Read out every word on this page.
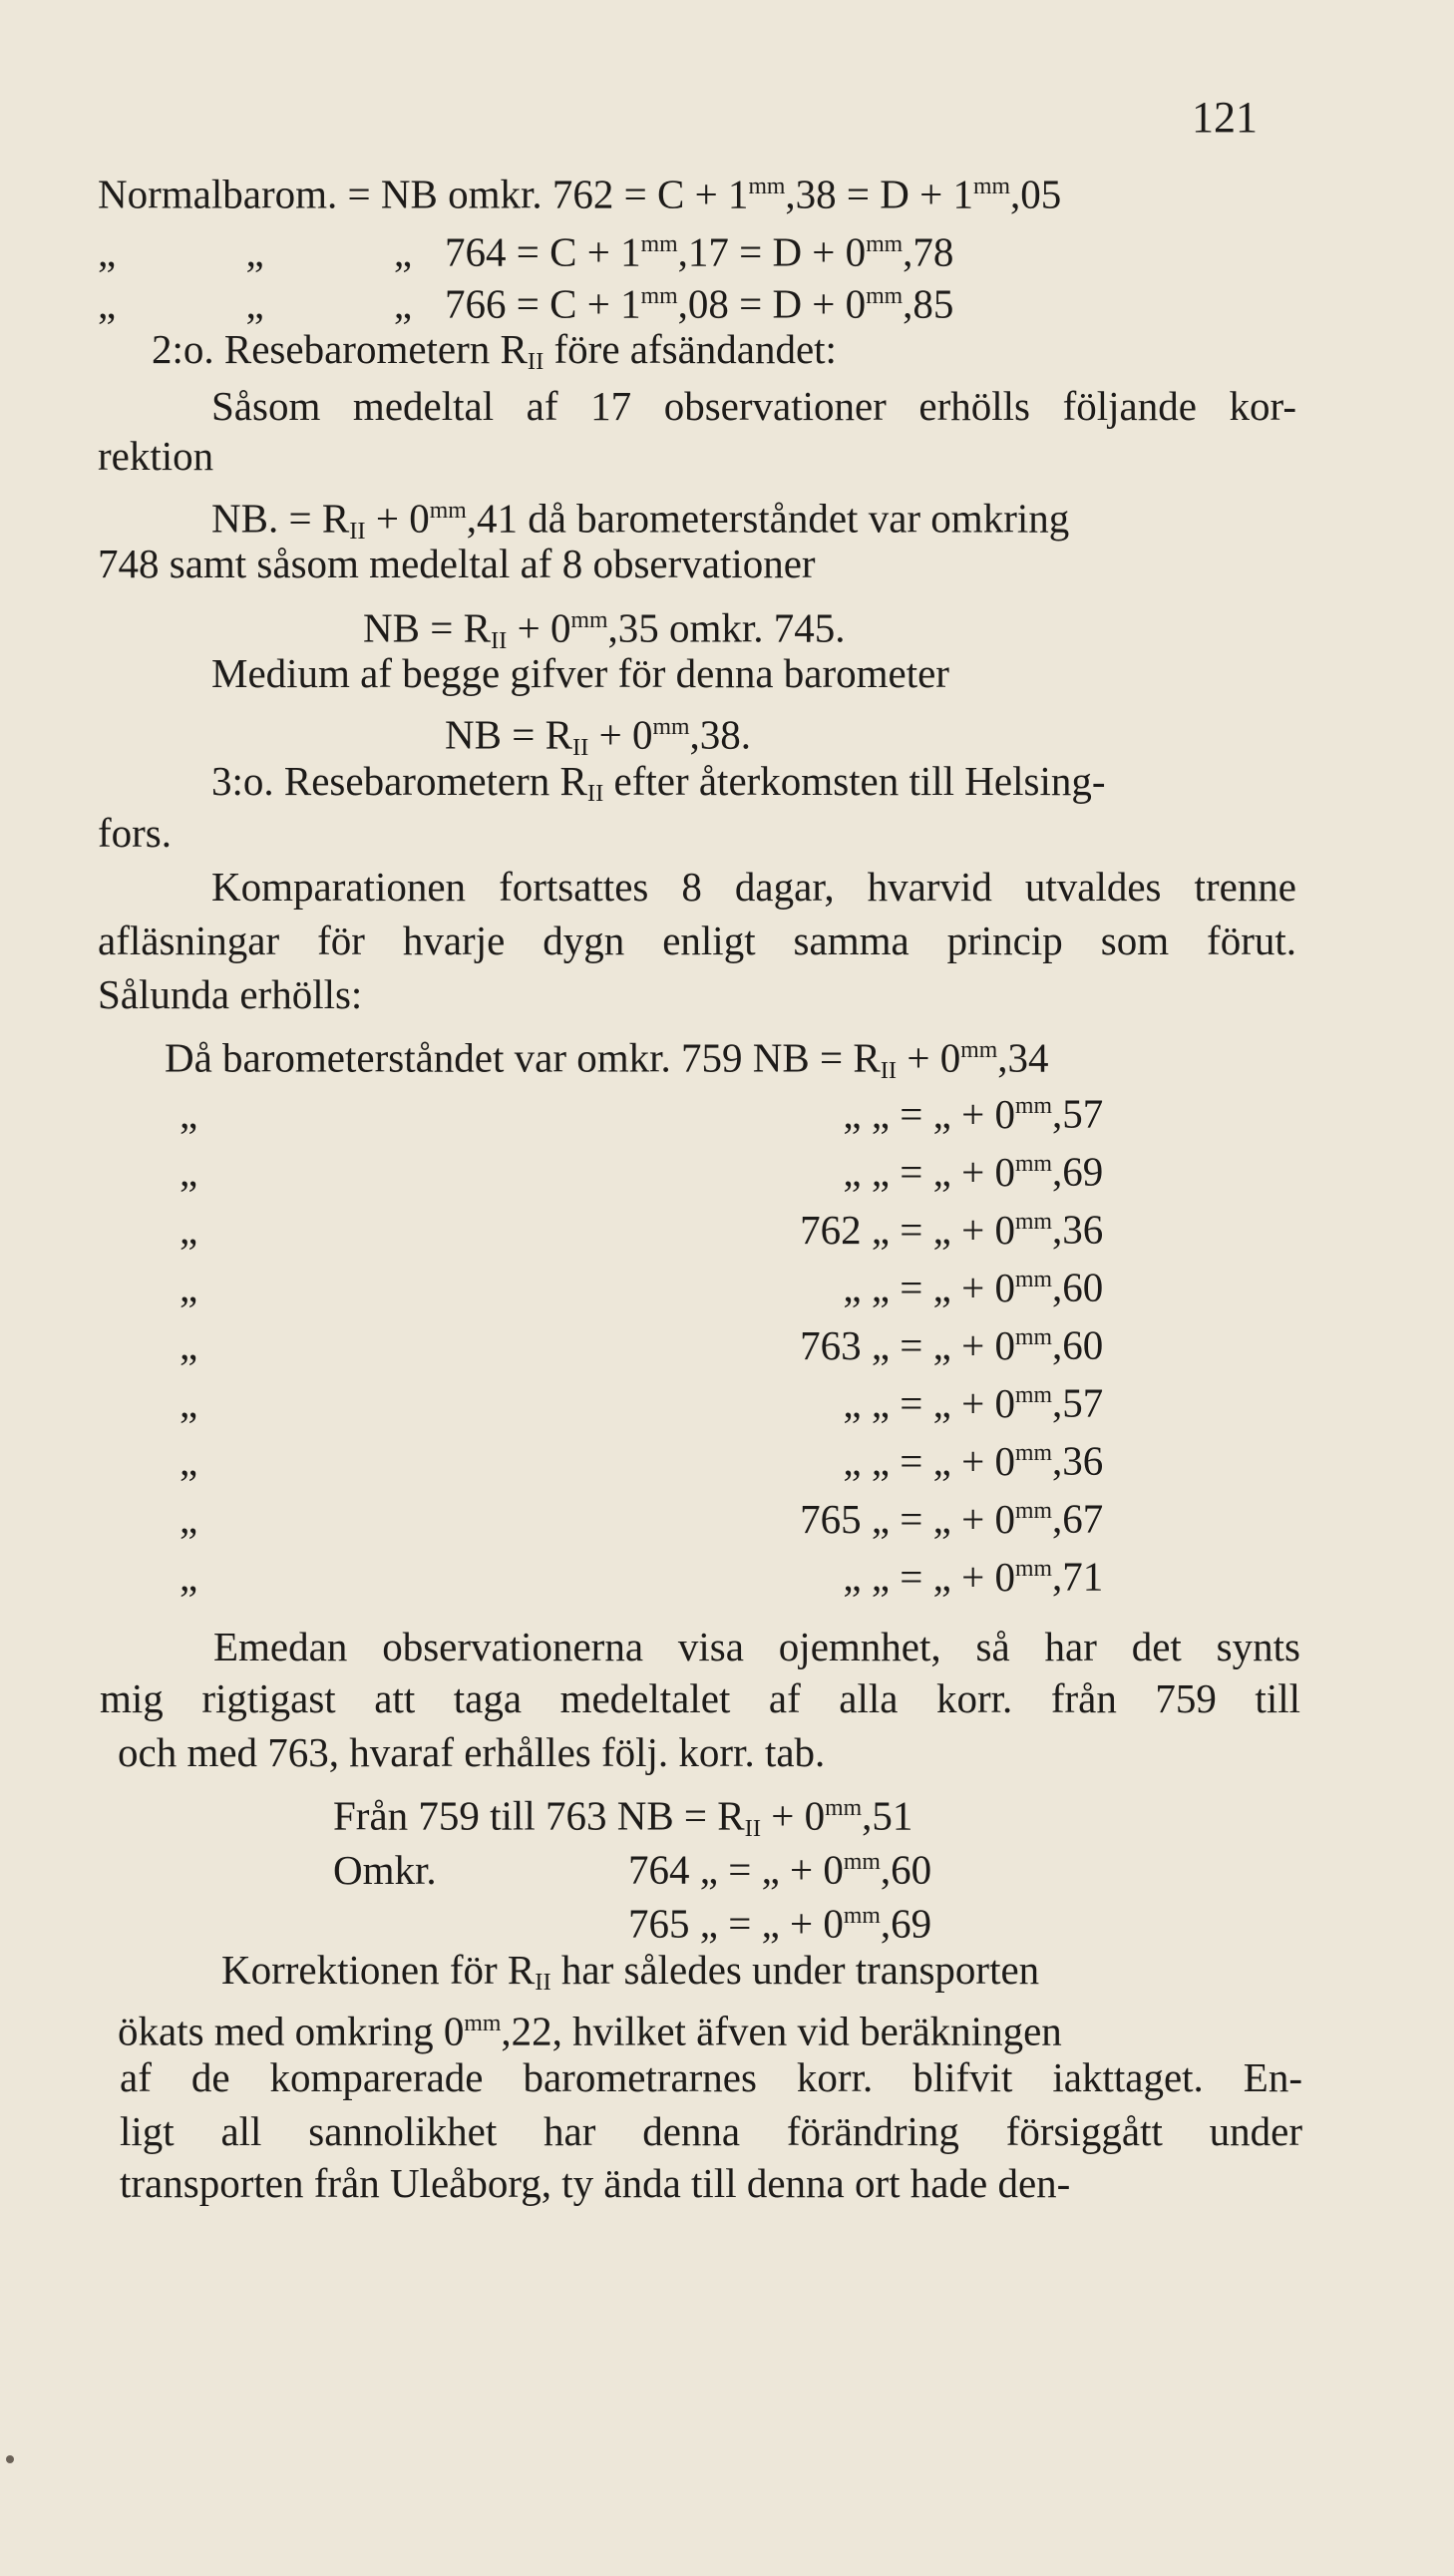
121
Normalbarom. = NB omkr. $762 = C + 1^{mm},38 = D + 1^{mm},05$
„ „ „764 = $C + 1^{mm},17 = D + 0^{mm},78$
„ „ „766 = $C + 1^{mm},08 = D + 0^{mm},85$
2:o. Resebarometern $R_{II}$ före afsändandet:
Såsom medeltal af 17 observationer erhölls följande kor-
rektion
NB. = $R_{II} + 0^{mm},41$ då barometerståndet var omkring
748 samt såsom medeltal af 8 observationer
NB = $R_{II} + 0^{mm},35$ omkr. 745.
Medium af begge gifver för denna barometer
NB = $R_{II} + 0^{mm},38$.
3:o. Resebarometern $R_{II}$ efter återkomsten till Helsing-
fors.
Komparationen fortsattes 8 dagar, hvarvid utvaldes trenne
afläsningar för hvarje dygn enligt samma princip som förut.
Sålunda erhölls:
Då barometerståndet var omkr. 759 NB = $R_{II} + 0^{mm},34$
„	„ „ = „ + $0^{mm},57$
„	„ „ = „ + $0^{mm},69$
„	762 „ = „ + $0^{mm},36$
„	„ „ = „ + $0^{mm},60$
„	763 „ = „ + $0^{mm},60$
„	„ „ = „ + $0^{mm},57$
„	„ „ = „ + $0^{mm},36$
„	765 „ = „ + $0^{mm},67$
„	„ „ = „ + $0^{mm},71$
Emedan observationerna visa ojemnhet, så har det synts
mig rigtigast att taga medeltalet af alla korr. från 759 till
och med 763, hvaraf erhålles följ. korr. tab.
Från 759 till 763 NB = $R_{II} + 0^{mm},51$
Omkr.	764 „ = „ + $0^{mm},60$
765 „ = „ + $0^{mm},69$
Korrektionen för $R_{II}$ har således under transporten
ökats med omkring $0^{mm},22$, hvilket äfven vid beräkningen
af de komparerade barometrarnes korr. blifvit iakttaget. En-
ligt all sannolikhet har denna förändring försiggått under
transporten från Uleåborg, ty ända till denna ort hade den-
